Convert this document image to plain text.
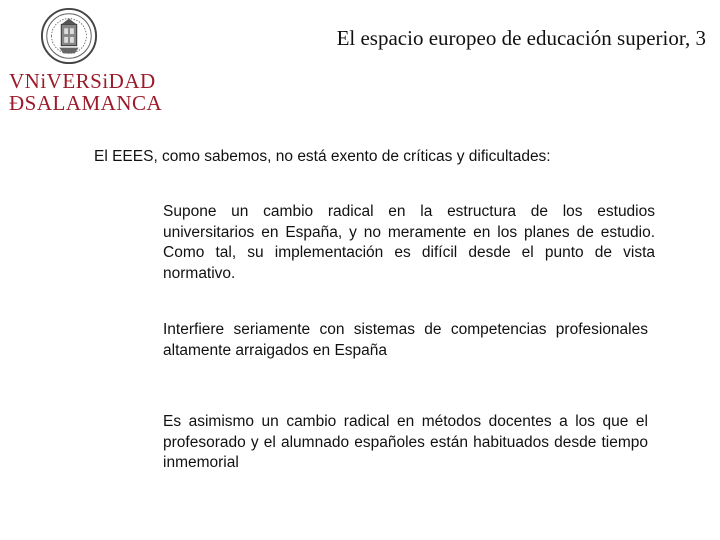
VNiVERSiDAD
ÐSALAMANCA
El espacio europeo de educación superior, 3
El EEES, como sabemos, no está exento de críticas y dificultades:
Supone un cambio radical en la estructura de los estudios universitarios en España, y no meramente en los planes de estudio. Como tal, su implementación es difícil desde el punto de vista normativo.
Interfiere seriamente con sistemas de competencias profesionales altamente arraigados en España
Es asimismo un cambio radical en métodos docentes a los que el profesorado y el alumnado españoles están habituados desde tiempo inmemorial
